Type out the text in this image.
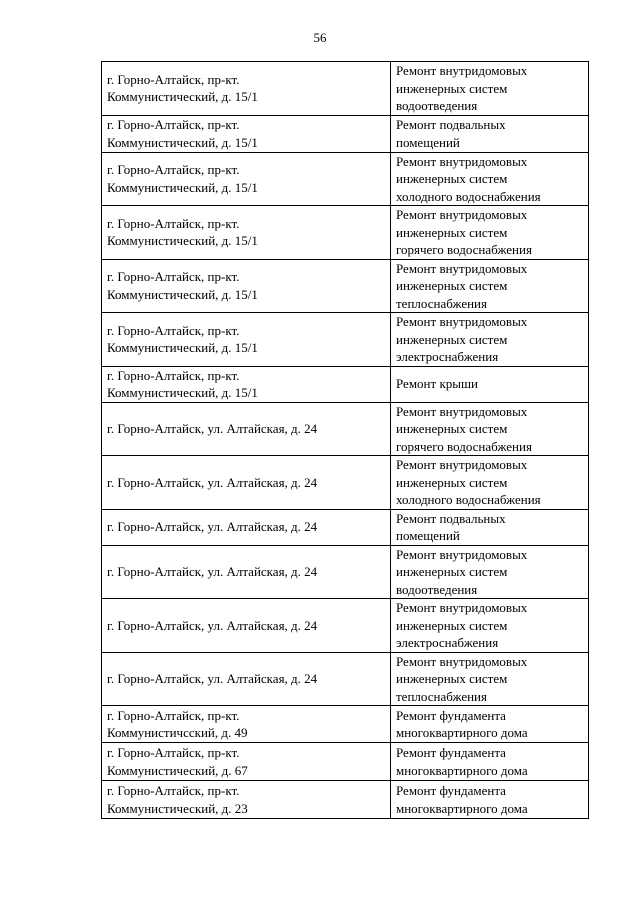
56
г. Горно-Алтайск, пр-кт.
Коммунистический, д. 15/1	Ремонт внутридомовых
инженерных систем
водоотведения
г. Горно-Алтайск, пр-кт.
Коммунистический, д. 15/1	Ремонт подвальных
помещений
г. Горно-Алтайск, пр-кт.
Коммунистический, д. 15/1	Ремонт внутридомовых
инженерных систем
холодного водоснабжения
г. Горно-Алтайск, пр-кт.
Коммунистический, д. 15/1	Ремонт внутридомовых
инженерных систем
горячего водоснабжения
г. Горно-Алтайск, пр-кт.
Коммунистический, д. 15/1	Ремонт внутридомовых
инженерных систем
теплоснабжения
г. Горно-Алтайск, пр-кт.
Коммунистический, д. 15/1	Ремонт внутридомовых
инженерных систем
электроснабжения
г. Горно-Алтайск, пр-кт.
Коммунистический, д. 15/1	Ремонт крыши
г. Горно-Алтайск, ул. Алтайская, д. 24	Ремонт внутридомовых
инженерных систем
горячего водоснабжения
г. Горно-Алтайск, ул. Алтайская, д. 24	Ремонт внутридомовых
инженерных систем
холодного водоснабжения
г. Горно-Алтайск, ул. Алтайская, д. 24	Ремонт подвальных
помещений
г. Горно-Алтайск, ул. Алтайская, д. 24	Ремонт внутридомовых
инженерных систем
водоотведения
г. Горно-Алтайск, ул. Алтайская, д. 24	Ремонт внутридомовых
инженерных систем
электроснабжения
г. Горно-Алтайск, ул. Алтайская, д. 24	Ремонт внутридомовых
инженерных систем
теплоснабжения
г. Горно-Алтайск, пр-кт.
Коммунистичсский, д. 49	Ремонт фундамента
многоквартирного дома
г. Горно-Алтайск, пр-кт.
Коммунистический, д. 67	Ремонт фундамента
многоквартирного дома
г. Горно-Алтайск, пр-кт.
Коммунистический, д. 23	Ремонт фундамента
многоквартирного дома
